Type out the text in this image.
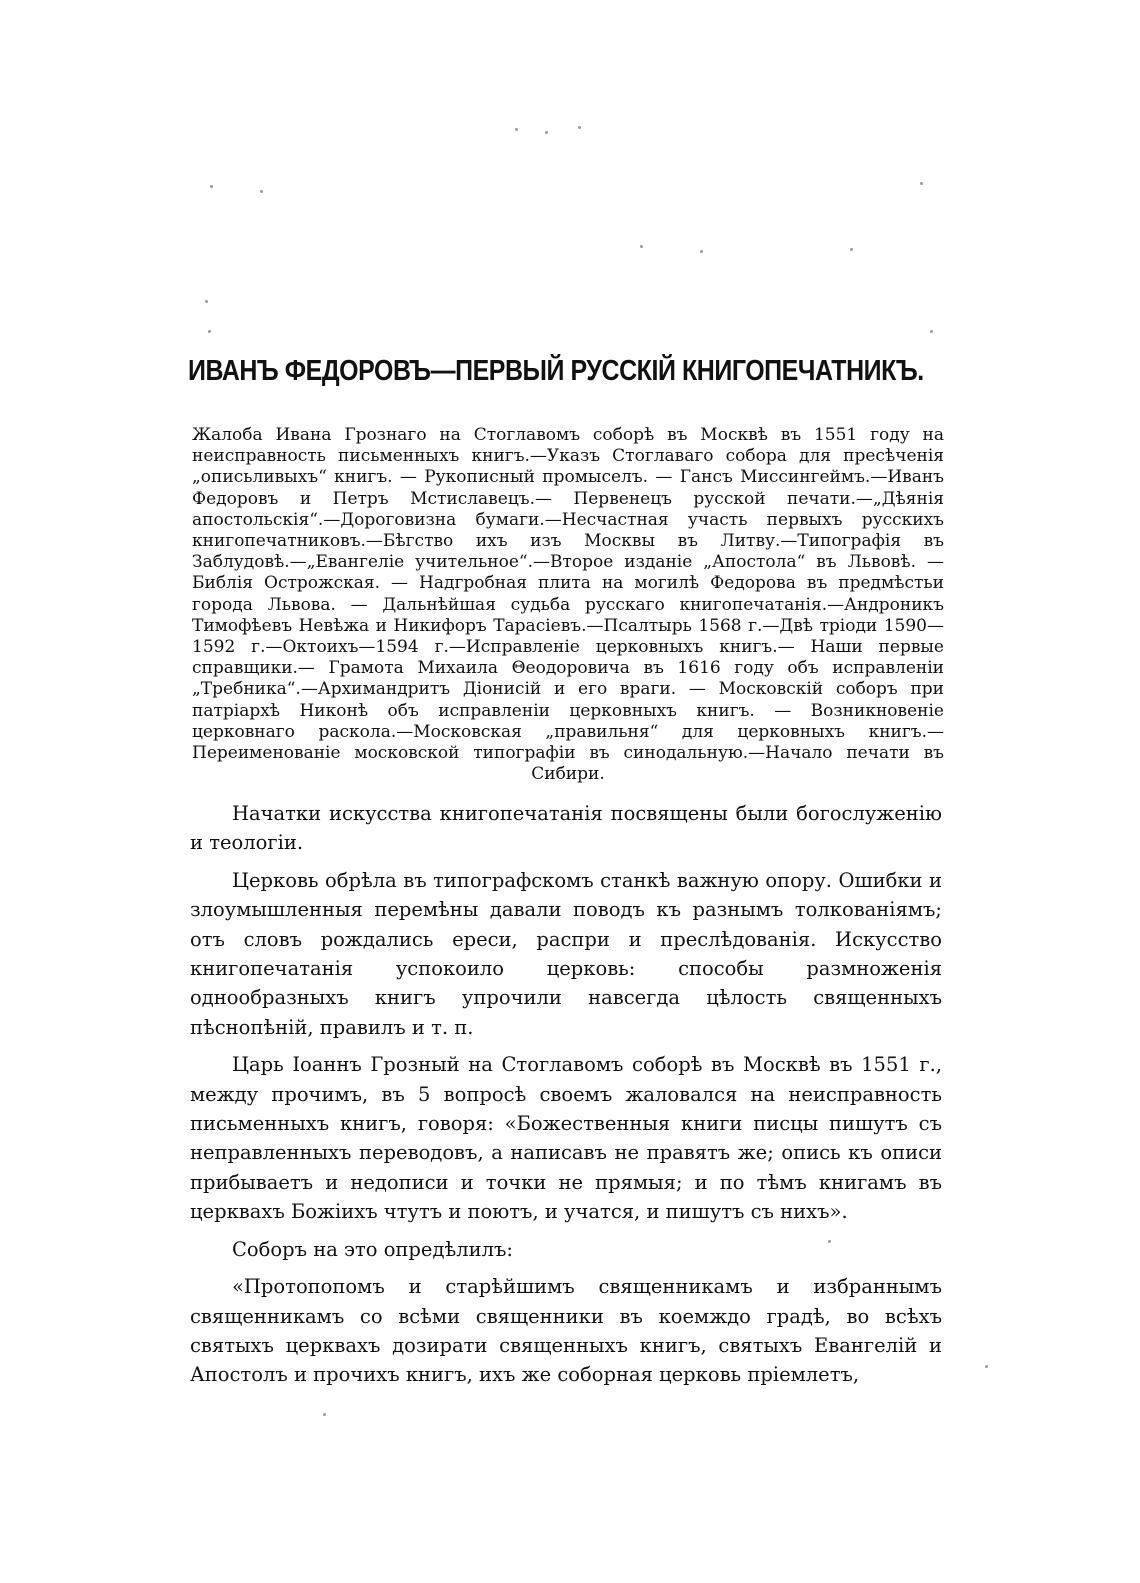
ИВАНЪ ФЕДОРОВЪ—ПЕРВЫЙ РУССКІЙ КНИГОПЕЧАТНИКЪ.
Жалоба Ивана Грознаго на Стоглавомъ соборѣ въ Москвѣ въ 1551 году на неисправность письменныхъ книгъ.—Указъ Стоглаваго собора для пресѣченія „описьливыхъ“ книгъ. — Рукописный промыселъ. — Гансъ Миссингеймъ.—Иванъ Федоровъ и Петръ Мстиславецъ.— Первенецъ русской печати.—„Дѣянія апостольскія“.—Дороговизна бумаги.—Несчастная участь первыхъ русскихъ книгопечатниковъ.—Бѣгство ихъ изъ Москвы въ Литву.—Типографія въ Заблудовѣ.—„Евангеліе учительное“.—Второе изданіе „Апостола“ въ Львовѣ. — Библія Острожская. — Надгробная плита на могилѣ Федорова въ предмѣстьи города Львова. — Дальнѣйшая судьба русскаго книгопечатанія.—Андроникъ Тимофѣевъ Невѣжа и Никифоръ Тарасіевъ.—Псалтырь 1568 г.—Двѣ тріоди 1590—1592 г.—Октоихъ—1594 г.—Исправленіе церковныхъ книгъ.— Наши первые справщики.— Грамота Михаила Θеодоровича въ 1616 году объ исправленіи „Требника“.—Архимандритъ Діонисій и его враги. — Московскій соборъ при патріархѣ Никонѣ объ исправленіи церковныхъ книгъ. — Возникновеніе церковнаго раскола.—Московская „правильня“ для церковныхъ книгъ.—Переименованіе московской типографіи въ синодальную.—Начало печати въ Сибири.

Начатки искусства книгопечатанія посвящены были богослуженію и теологіи.

Церковь обрѣла въ типографскомъ станкѣ важную опору. Ошибки и злоумышленныя перемѣны давали поводъ къ разнымъ толкованіямъ; отъ словъ рождались ереси, распри и преслѣдованія. Искусство книгопечатанія успокоило церковь: способы размноженія однообразныхъ книгъ упрочили навсегда цѣлость священныхъ пѣснопѣній, правилъ и т. п.

Царь Іоаннъ Грозный на Стоглавомъ соборѣ въ Москвѣ въ 1551 г., между прочимъ, въ 5 вопросѣ своемъ жаловался на неисправность письменныхъ книгъ, говоря: «Божественныя книги писцы пишутъ съ неправленныхъ переводовъ, а написавъ не правятъ же; опись къ описи прибываетъ и недописи и точки не прямыя; и по тѣмъ книгамъ въ церквахъ Божіихъ чтутъ и поютъ, и учатся, и пишутъ съ нихъ».

Соборъ на это опредѣлилъ:

«Протопопомъ и старѣйшимъ священникамъ и избраннымъ священникамъ со всѣми священники въ коемждо градѣ, во всѣхъ святыхъ церквахъ дозирати священныхъ книгъ, святыхъ Евангелій и Апостолъ и прочихъ книгъ, ихъ же соборная церковь пріемлетъ,
